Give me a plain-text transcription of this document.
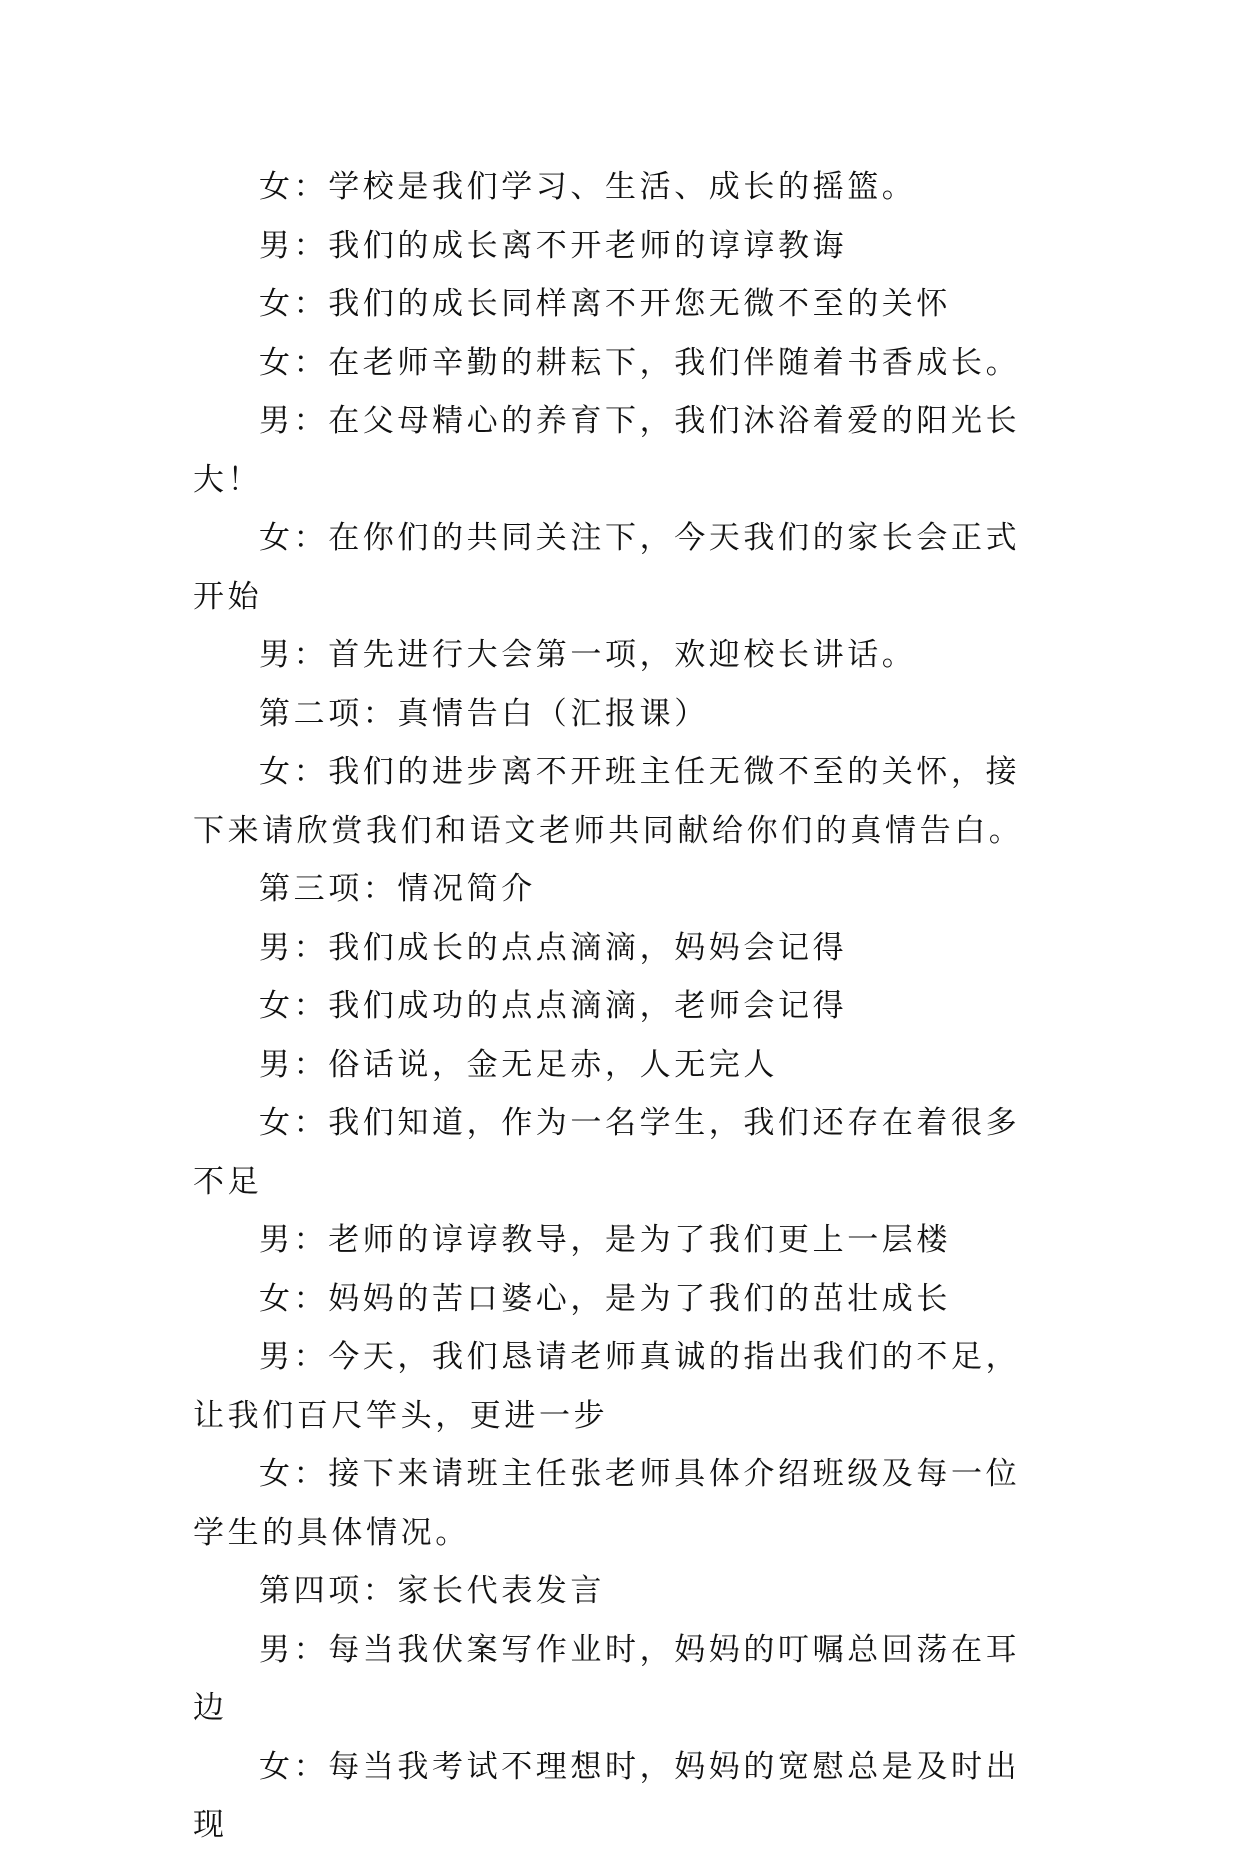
女：学校是我们学习、生活、成长的摇篮。

男：我们的成长离不开老师的谆谆教诲

女：我们的成长同样离不开您无微不至的关怀

女：在老师辛勤的耕耘下，我们伴随着书香成长。

男：在父母精心的养育下，我们沐浴着爱的阳光长大！

女：在你们的共同关注下，今天我们的家长会正式开始

男：首先进行大会第一项，欢迎校长讲话。

第二项：真情告白（汇报课）

女：我们的进步离不开班主任无微不至的关怀，接下来请欣赏我们和语文老师共同献给你们的真情告白。

第三项：情况简介

男：我们成长的点点滴滴，妈妈会记得

女：我们成功的点点滴滴，老师会记得

男：俗话说，金无足赤，人无完人

女：我们知道，作为一名学生，我们还存在着很多不足

男：老师的谆谆教导，是为了我们更上一层楼

女：妈妈的苦口婆心，是为了我们的茁壮成长

男：今天，我们恳请老师真诚的指出我们的不足，让我们百尺竿头，更进一步

女：接下来请班主任张老师具体介绍班级及每一位学生的具体情况。

第四项：家长代表发言

男：每当我伏案写作业时，妈妈的叮嘱总回荡在耳边

女：每当我考试不理想时，妈妈的宽慰总是及时出现
